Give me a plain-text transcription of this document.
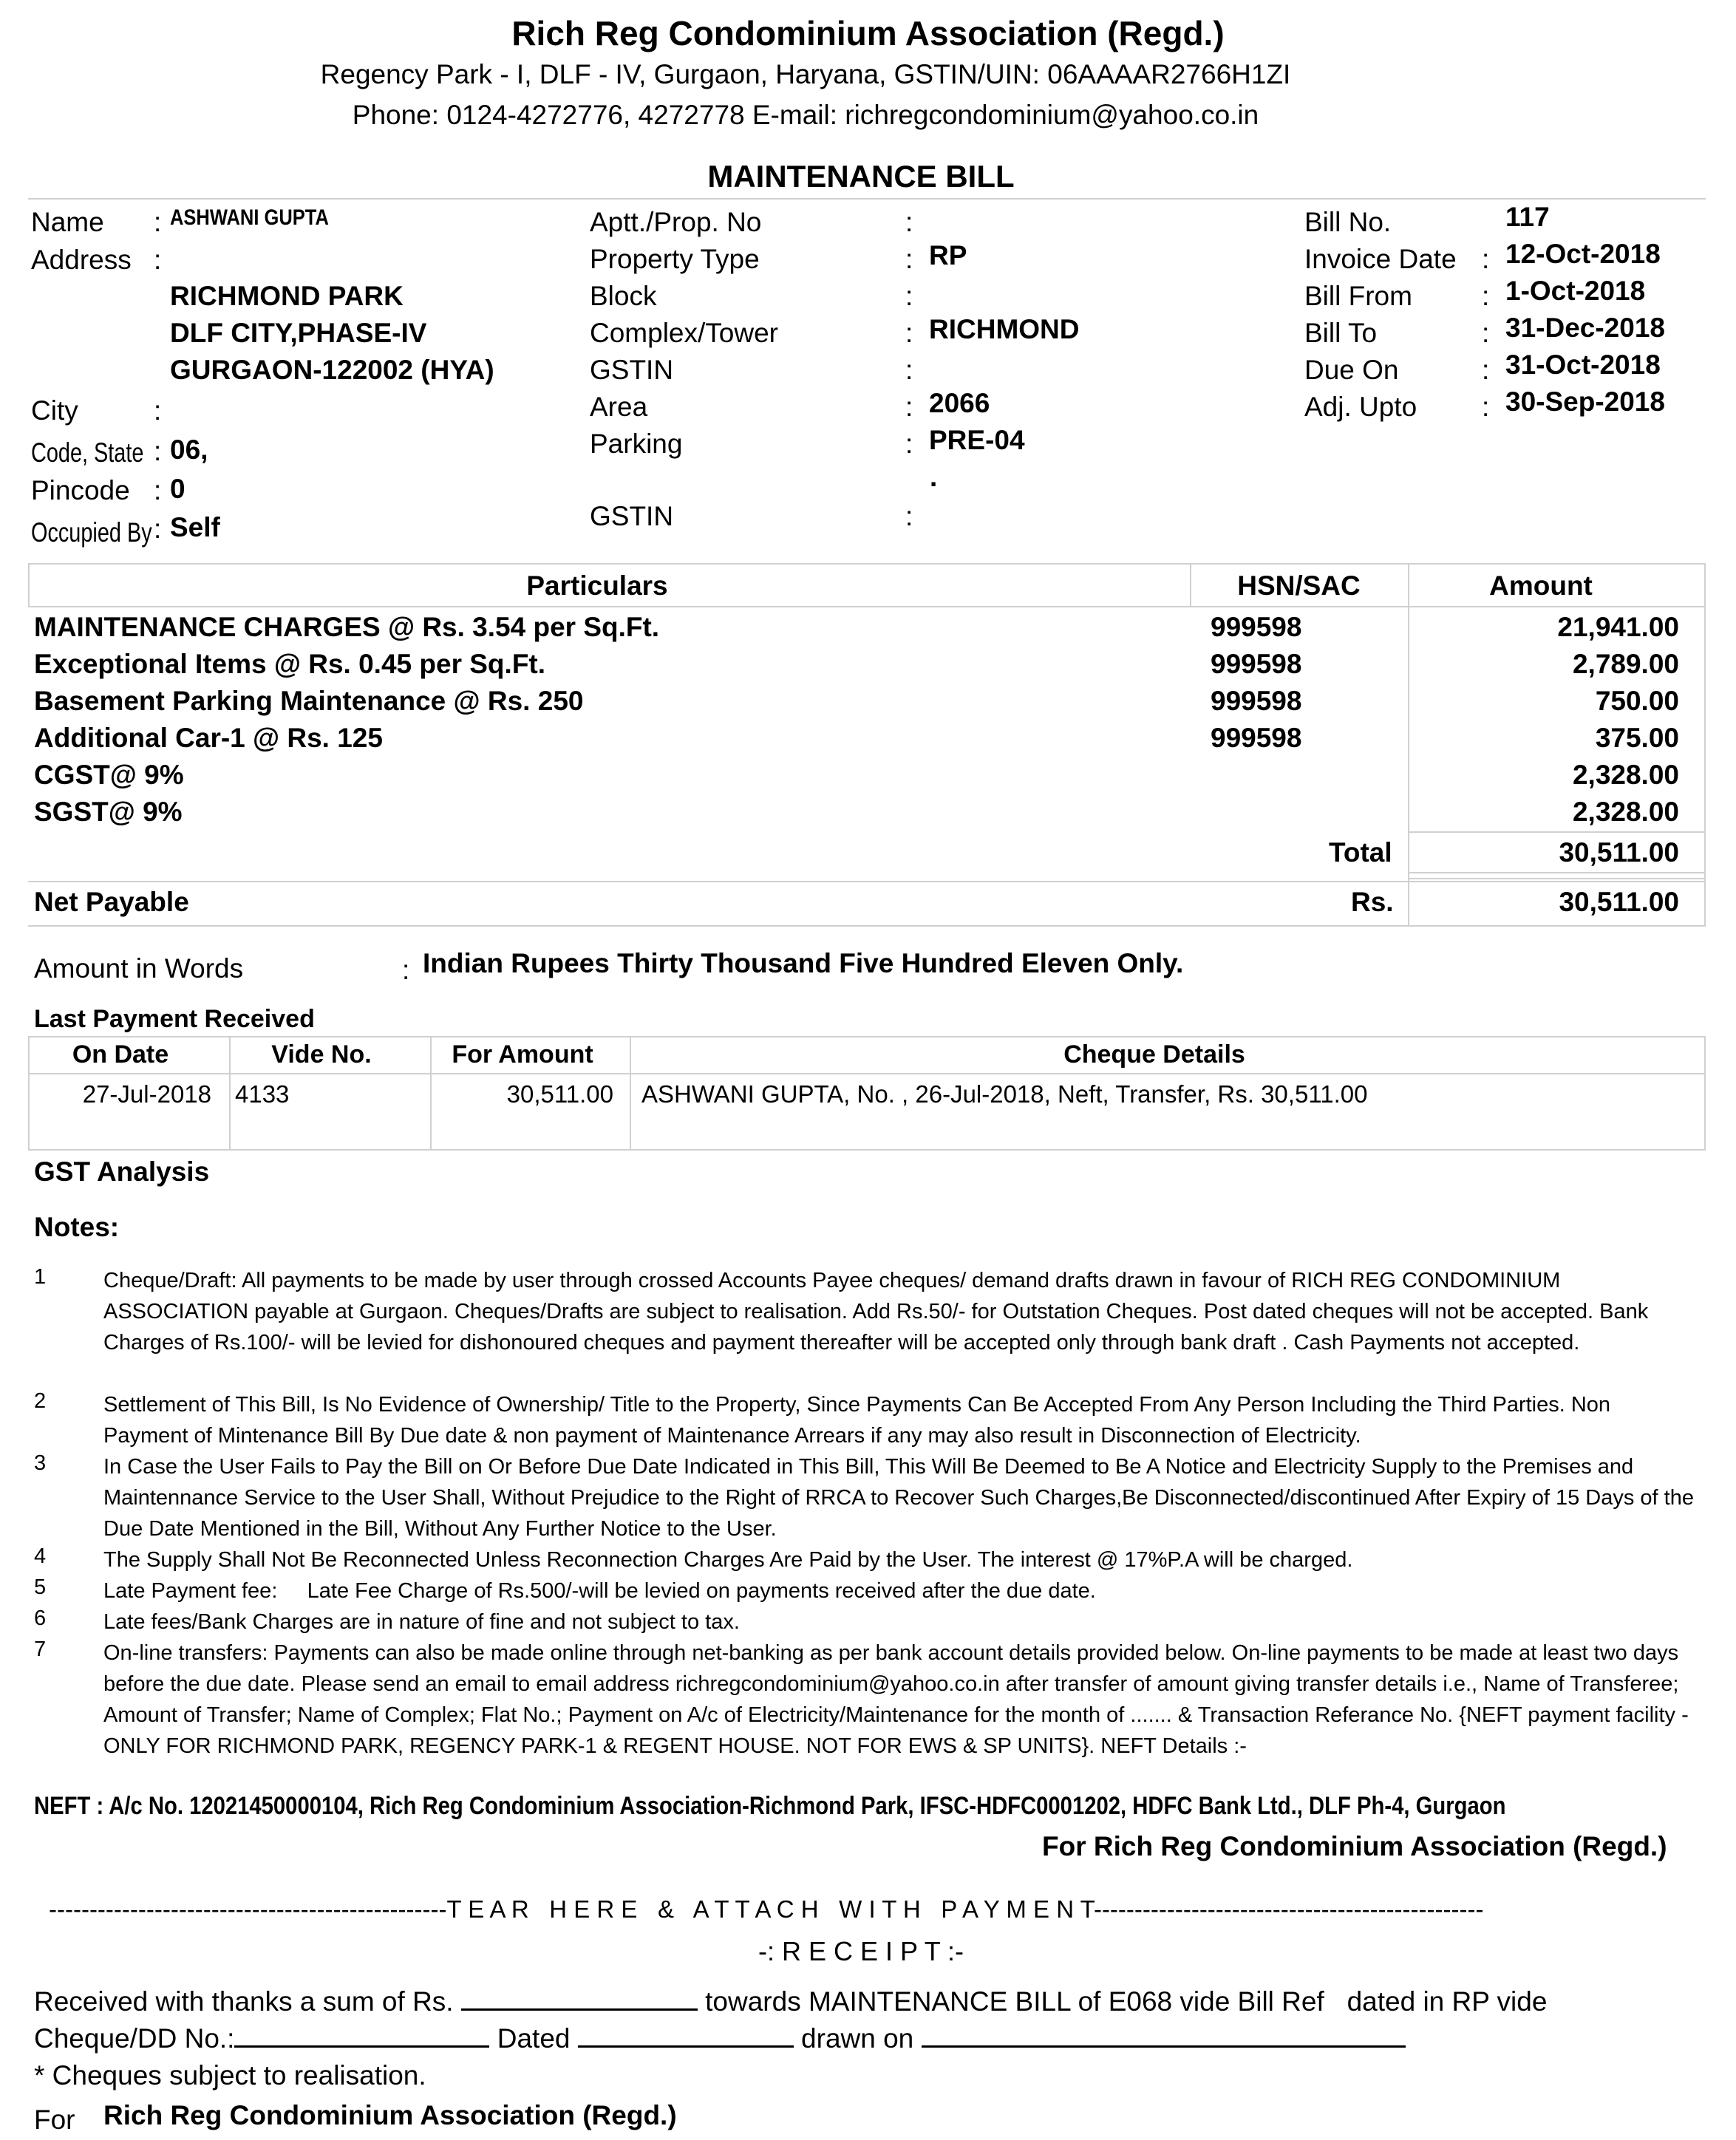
Rich Reg Condominium Association (Regd.)
Regency Park - I, DLF - IV, Gurgaon, Haryana, GSTIN/UIN: 06AAAAR2766H1ZI
Phone: 0124-4272776, 4272778 E-mail: richregcondominium@yahoo.co.in
MAINTENANCE BILL
Name : ASHWANI GUPTA
Address :
RICHMOND PARK
DLF CITY,PHASE-IV
GURGAON-122002 (HYA)
City	:
Code, State : 06,
Pincode : 0
Occupied By : Self
Aptt./Prop. No	:
Property Type	: RP
Block	:
Complex/Tower	: RICHMOND
GSTIN	:
Area	: 2066
Parking	: PRE-04
.
GSTIN	:
Bill No.	117
Invoice Date : 12-Oct-2018
Bill From	: 1-Oct-2018
Bill To	: 31-Dec-2018
Due On	: 31-Oct-2018
Adj. Upto : 30-Sep-2018
Particulars	HSN/SAC	Amount
MAINTENANCE CHARGES @ Rs. 3.54 per Sq.Ft.	999598	21,941.00
Exceptional Items @ Rs. 0.45 per Sq.Ft.	999598	2,789.00
Basement Parking Maintenance @ Rs. 250	999598	750.00
Additional Car-1 @ Rs. 125	999598	375.00
CGST@ 9%	2,328.00
SGST@ 9%	2,328.00
Total	30,511.00
Net Payable	Rs.	30,511.00
Amount in Words	: Indian Rupees Thirty Thousand Five Hundred Eleven Only.
Last Payment Received
On Date	Vide No.	For Amount	Cheque Details
27-Jul-2018 4133	30,511.00 ASHWANI GUPTA, No. , 26-Jul-2018, Neft, Transfer, Rs. 30,511.00
GST Analysis
Notes:
1	Cheque/Draft: All payments to be made by user through crossed Accounts Payee cheques/ demand drafts drawn in favour of RICH REG CONDOMINIUM ASSOCIATION payable at Gurgaon. Cheques/Drafts are subject to realisation. Add Rs.50/- for Outstation Cheques. Post dated cheques will not be accepted. Bank Charges of Rs.100/- will be levied for dishonoured cheques and payment thereafter will be accepted only through bank draft . Cash Payments not accepted.
2	Settlement of This Bill, Is No Evidence of Ownership/ Title to the Property, Since Payments Can Be Accepted From Any Person Including the Third Parties. Non Payment of Mintenance Bill By Due date & non payment of Maintenance Arrears if any may also result in Disconnection of Electricity.
3	In Case the User Fails to Pay the Bill on Or Before Due Date Indicated in This Bill, This Will Be Deemed to Be A Notice and Electricity Supply to the Premises and Maintennance Service to the User Shall, Without Prejudice to the Right of RRCA to Recover Such Charges,Be Disconnected/discontinued After Expiry of 15 Days of the Due Date Mentioned in the Bill, Without Any Further Notice to the User.
4	The Supply Shall Not Be Reconnected Unless Reconnection Charges Are Paid by the User. The interest @ 17%P.A will be charged.
5	Late Payment fee:     Late Fee Charge of Rs.500/-will be levied on payments received after the due date.
6	Late fees/Bank Charges are in nature of fine and not subject to tax.
7	On-line transfers: Payments can also be made online through net-banking as per bank account details provided below. On-line payments to be made at least two days before the due date. Please send an email to email address richregcondominium@yahoo.co.in after transfer of amount giving transfer details i.e., Name of Transferee; Amount of Transfer; Name of Complex; Flat No.; Payment on A/c of Electricity/Maintenance for the month of ....... & Transaction Referance No. {NEFT payment facility - ONLY FOR RICHMOND PARK, REGENCY PARK-1 & REGENT HOUSE. NOT FOR EWS & SP UNITS}. NEFT Details :-
NEFT : A/c No. 12021450000104, Rich Reg Condominium Association-Richmond Park, IFSC-HDFC0001202, HDFC Bank Ltd., DLF Ph-4, Gurgaon
For Rich Reg Condominium Association (Regd.)
-------------------------------------------------T E A R   H E R E   &   A T T A C H   W I T H   P A Y M E N T------------------------------------------------
-: R E C E I P T :-
Received with thanks a sum of Rs.	towards MAINTENANCE BILL of E068 vide Bill Ref   dated in RP vide
Cheque/DD No.:	Dated	drawn on
* Cheques subject to realisation.
For Rich Reg Condominium Association (Regd.)
